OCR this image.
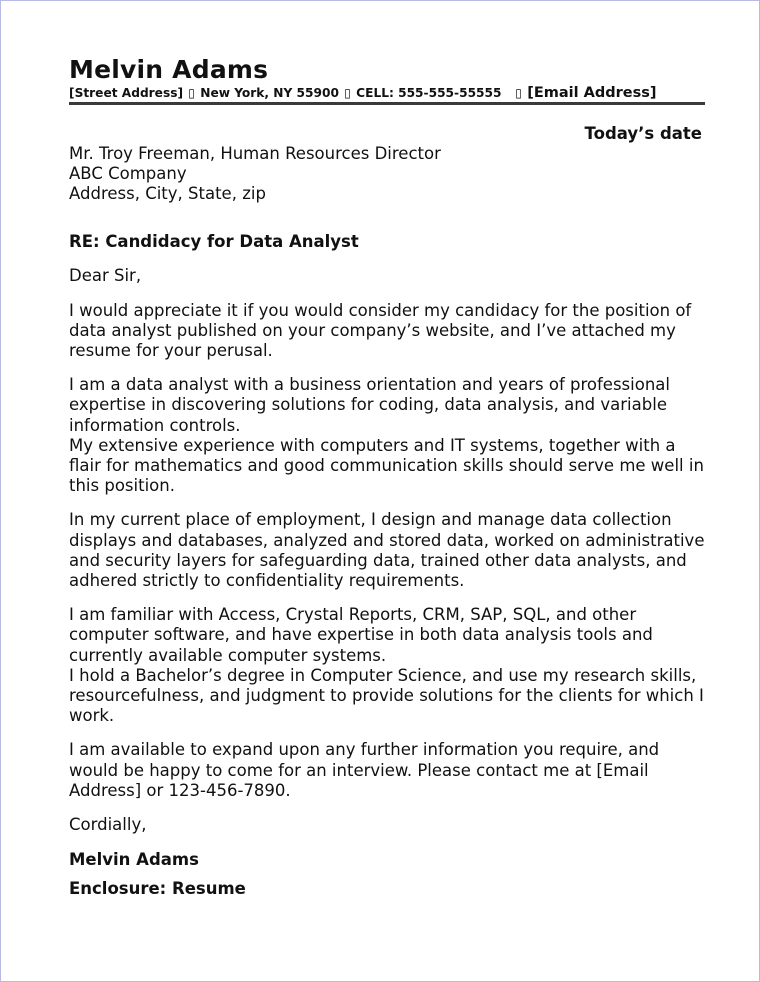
Melvin Adams
[Street Address] ▯ New York, NY 55900 ▯ CELL: 555-555-55555 ▯ [Email Address]
Today’s date

Mr. Troy Freeman, Human Resources Director

ABC Company

Address, City, State, zip

RE: Candidacy for Data Analyst

Dear Sir,

I would appreciate it if you would consider my candidacy for the position of data analyst published on your company’s website, and I’ve attached my resume for your perusal.

I am a data analyst with a business orientation and years of professional expertise in discovering solutions for coding, data analysis, and variable information controls.
My extensive experience with computers and IT systems, together with a flair for mathematics and good communication skills should serve me well in this position.

In my current place of employment, I design and manage data collection displays and databases, analyzed and stored data, worked on administrative and security layers for safeguarding data, trained other data analysts, and adhered strictly to confidentiality requirements.

I am familiar with Access, Crystal Reports, CRM, SAP, SQL, and other computer software, and have expertise in both data analysis tools and currently available computer systems.
I hold a Bachelor’s degree in Computer Science, and use my research skills, resourcefulness, and judgment to provide solutions for the clients for which I work.

I am available to expand upon any further information you require, and would be happy to come for an interview. Please contact me at [Email Address] or 123-456-7890.

Cordially,

Melvin Adams

Enclosure: Resume
